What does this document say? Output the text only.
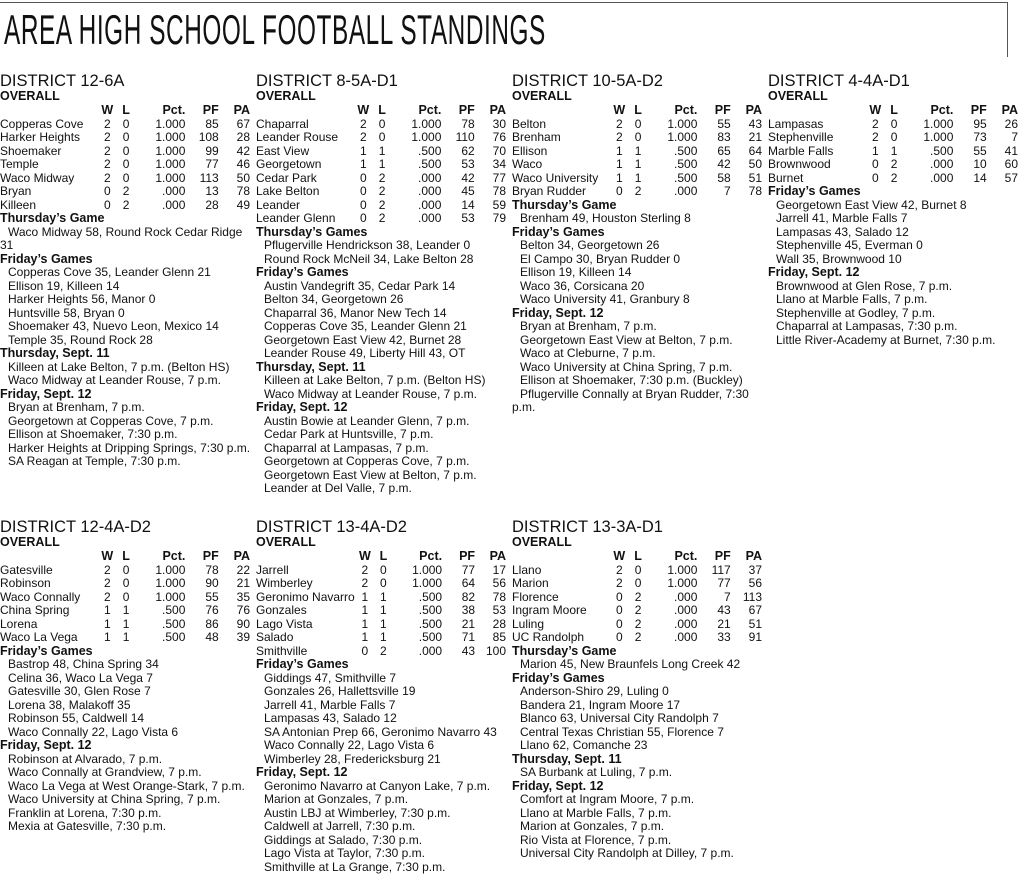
AREA HIGH SCHOOL FOOTBALL STANDINGS
DISTRICT 12-6A
OVERALL
	W	L	Pct.	PF	PA
Copperas Cove	2	0	1.000	85	67
Harker Heights	2	0	1.000	108	28
Shoemaker	2	0	1.000	99	42
Temple	2	0	1.000	77	46
Waco Midway	2	0	1.000	113	50
Bryan	0	2	.000	13	78
Killeen	0	2	.000	28	49
Thursday’s Game
Waco Midway 58, Round Rock Cedar Ridge 31
Friday’s Games
Copperas Cove 35, Leander Glenn 21
Ellison 19, Killeen 14
Harker Heights 56, Manor 0
Huntsville 58, Bryan 0
Shoemaker 43, Nuevo Leon, Mexico 14
Temple 35, Round Rock 28
Thursday, Sept. 11
Killeen at Lake Belton, 7 p.m. (Belton HS)
Waco Midway at Leander Rouse, 7 p.m.
Friday, Sept. 12
Bryan at Brenham, 7 p.m.
Georgetown at Copperas Cove, 7 p.m.
Ellison at Shoemaker, 7:30 p.m.
Harker Heights at Dripping Springs, 7:30 p.m.
SA Reagan at Temple, 7:30 p.m.
DISTRICT 8-5A-D1
OVERALL
	W	L	Pct.	PF	PA
Chaparral	2	0	1.000	78	30
Leander Rouse	2	0	1.000	110	76
East View	1	1	.500	62	70
Georgetown	1	1	.500	53	34
Cedar Park	0	2	.000	42	77
Lake Belton	0	2	.000	45	78
Leander	0	2	.000	14	59
Leander Glenn	0	2	.000	53	79
Thursday’s Games
Pflugerville Hendrickson 38, Leander 0
Round Rock McNeil 34, Lake Belton 28
Friday’s Games
Austin Vandegrift 35, Cedar Park 14
Belton 34, Georgetown 26
Chaparral 36, Manor New Tech 14
Copperas Cove 35, Leander Glenn 21
Georgetown East View 42, Burnet 28
Leander Rouse 49, Liberty Hill 43, OT
Thursday, Sept. 11
Killeen at Lake Belton, 7 p.m. (Belton HS)
Waco Midway at Leander Rouse, 7 p.m.
Friday, Sept. 12
Austin Bowie at Leander Glenn, 7 p.m.
Cedar Park at Huntsville, 7 p.m.
Chaparral at Lampasas, 7 p.m.
Georgetown at Copperas Cove, 7 p.m.
Georgetown East View at Belton, 7 p.m.
Leander at Del Valle, 7 p.m.
DISTRICT 10-5A-D2
OVERALL
	W	L	Pct.	PF	PA
Belton	2	0	1.000	55	43
Brenham	2	0	1.000	83	21
Ellison	1	1	.500	65	64
Waco	1	1	.500	42	50
Waco University	1	1	.500	58	51
Bryan Rudder	0	2	.000	7	78
Thursday’s Game
Brenham 49, Houston Sterling 8
Friday’s Games
Belton 34, Georgetown 26
El Campo 30, Bryan Rudder 0
Ellison 19, Killeen 14
Waco 36, Corsicana 20
Waco University 41, Granbury 8
Friday, Sept. 12
Bryan at Brenham, 7 p.m.
Georgetown East View at Belton, 7 p.m.
Waco at Cleburne, 7 p.m.
Waco University at China Spring, 7 p.m.
Ellison at Shoemaker, 7:30 p.m. (Buckley)
Pflugerville Connally at Bryan Rudder, 7:30 p.m.
DISTRICT 4-4A-D1
OVERALL
	W	L	Pct.	PF	PA
Lampasas	2	0	1.000	95	26
Stephenville	2	0	1.000	73	7
Marble Falls	1	1	.500	55	41
Brownwood	0	2	.000	10	60
Burnet	0	2	.000	14	57
Friday’s Games
Georgetown East View 42, Burnet 8
Jarrell 41, Marble Falls 7
Lampasas 43, Salado 12
Stephenville 45, Everman 0
Wall 35, Brownwood 10
Friday, Sept. 12
Brownwood at Glen Rose, 7 p.m.
Llano at Marble Falls, 7 p.m.
Stephenville at Godley, 7 p.m.
Chaparral at Lampasas, 7:30 p.m.
Little River-Academy at Burnet, 7:30 p.m.
DISTRICT 12-4A-D2
OVERALL
	W	L	Pct.	PF	PA
Gatesville	2	0	1.000	78	22
Robinson	2	0	1.000	90	21
Waco Connally	2	0	1.000	55	35
China Spring	1	1	.500	76	76
Lorena	1	1	.500	86	90
Waco La Vega	1	1	.500	48	39
Friday’s Games
Bastrop 48, China Spring 34
Celina 36, Waco La Vega 7
Gatesville 30, Glen Rose 7
Lorena 38, Malakoff 35
Robinson 55, Caldwell 14
Waco Connally 22, Lago Vista 6
Friday, Sept. 12
Robinson at Alvarado, 7 p.m.
Waco Connally at Grandview, 7 p.m.
Waco La Vega at West Orange-Stark, 7 p.m.
Waco University at China Spring, 7 p.m.
Franklin at Lorena, 7:30 p.m.
Mexia at Gatesville, 7:30 p.m.
DISTRICT 13-4A-D2
OVERALL
	W	L	Pct.	PF	PA
Jarrell	2	0	1.000	77	17
Wimberley	2	0	1.000	64	56
Geronimo Navarro	1	1	.500	82	78
Gonzales	1	1	.500	38	53
Lago Vista	1	1	.500	21	28
Salado	1	1	.500	71	85
Smithville	0	2	.000	43	100
Friday’s Games
Giddings 47, Smithville 7
Gonzales 26, Hallettsville 19
Jarrell 41, Marble Falls 7
Lampasas 43, Salado 12
SA Antonian Prep 66, Geronimo Navarro 43
Waco Connally 22, Lago Vista 6
Wimberley 28, Fredericksburg 21
Friday, Sept. 12
Geronimo Navarro at Canyon Lake, 7 p.m.
Marion at Gonzales, 7 p.m.
Austin LBJ at Wimberley, 7:30 p.m.
Caldwell at Jarrell, 7:30 p.m.
Giddings at Salado, 7:30 p.m.
Lago Vista at Taylor, 7:30 p.m.
Smithville at La Grange, 7:30 p.m.
DISTRICT 13-3A-D1
OVERALL
	W	L	Pct.	PF	PA
Llano	2	0	1.000	117	37
Marion	2	0	1.000	77	56
Florence	0	2	.000	7	113
Ingram Moore	0	2	.000	43	67
Luling	0	2	.000	21	51
UC Randolph	0	2	.000	33	91
Thursday’s Game
Marion 45, New Braunfels Long Creek 42
Friday’s Games
Anderson-Shiro 29, Luling 0
Bandera 21, Ingram Moore 17
Blanco 63, Universal City Randolph 7
Central Texas Christian 55, Florence 7
Llano 62, Comanche 23
Thursday, Sept. 11
SA Burbank at Luling, 7 p.m.
Friday, Sept. 12
Comfort at Ingram Moore, 7 p.m.
Llano at Marble Falls, 7 p.m.
Marion at Gonzales, 7 p.m.
Rio Vista at Florence, 7 p.m.
Universal City Randolph at Dilley, 7 p.m.
